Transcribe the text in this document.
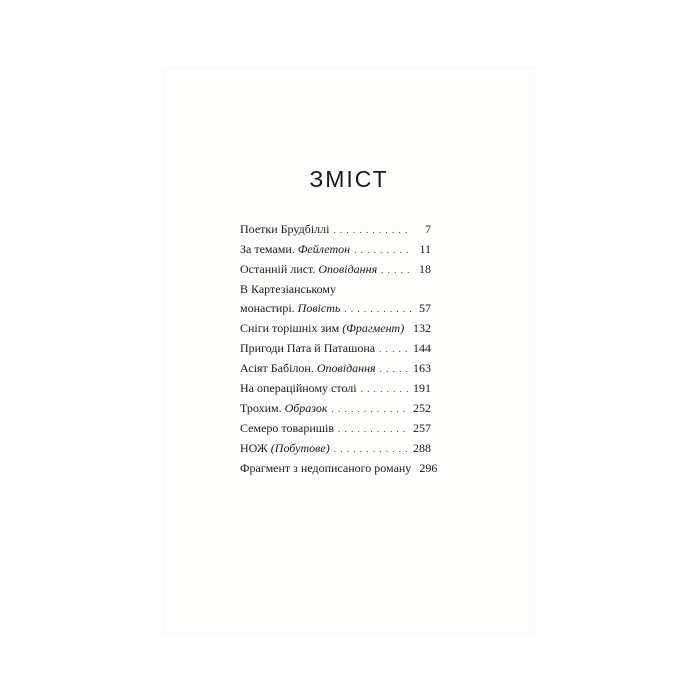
ЗМІСТ
Поетки Брудбіллі . . .	7
За темами. Фейлетон . . .	11
Останній лист. Оповідання . . .	18
В Картезіанському
монастирі. Повість . . .	57
Сніги торішніх зим (Фрагмент) . . . 132
Пригоди Пата й Паташона . . .	144
Асіят Бабілон. Оповідання . . .	163
На операційному столі . . .	191
Трохим. Образок . . .	252
Семеро товаришів . . .	257
НОЖ (Побутове) . . .	288
Фрагмент з недописаного роману 296
